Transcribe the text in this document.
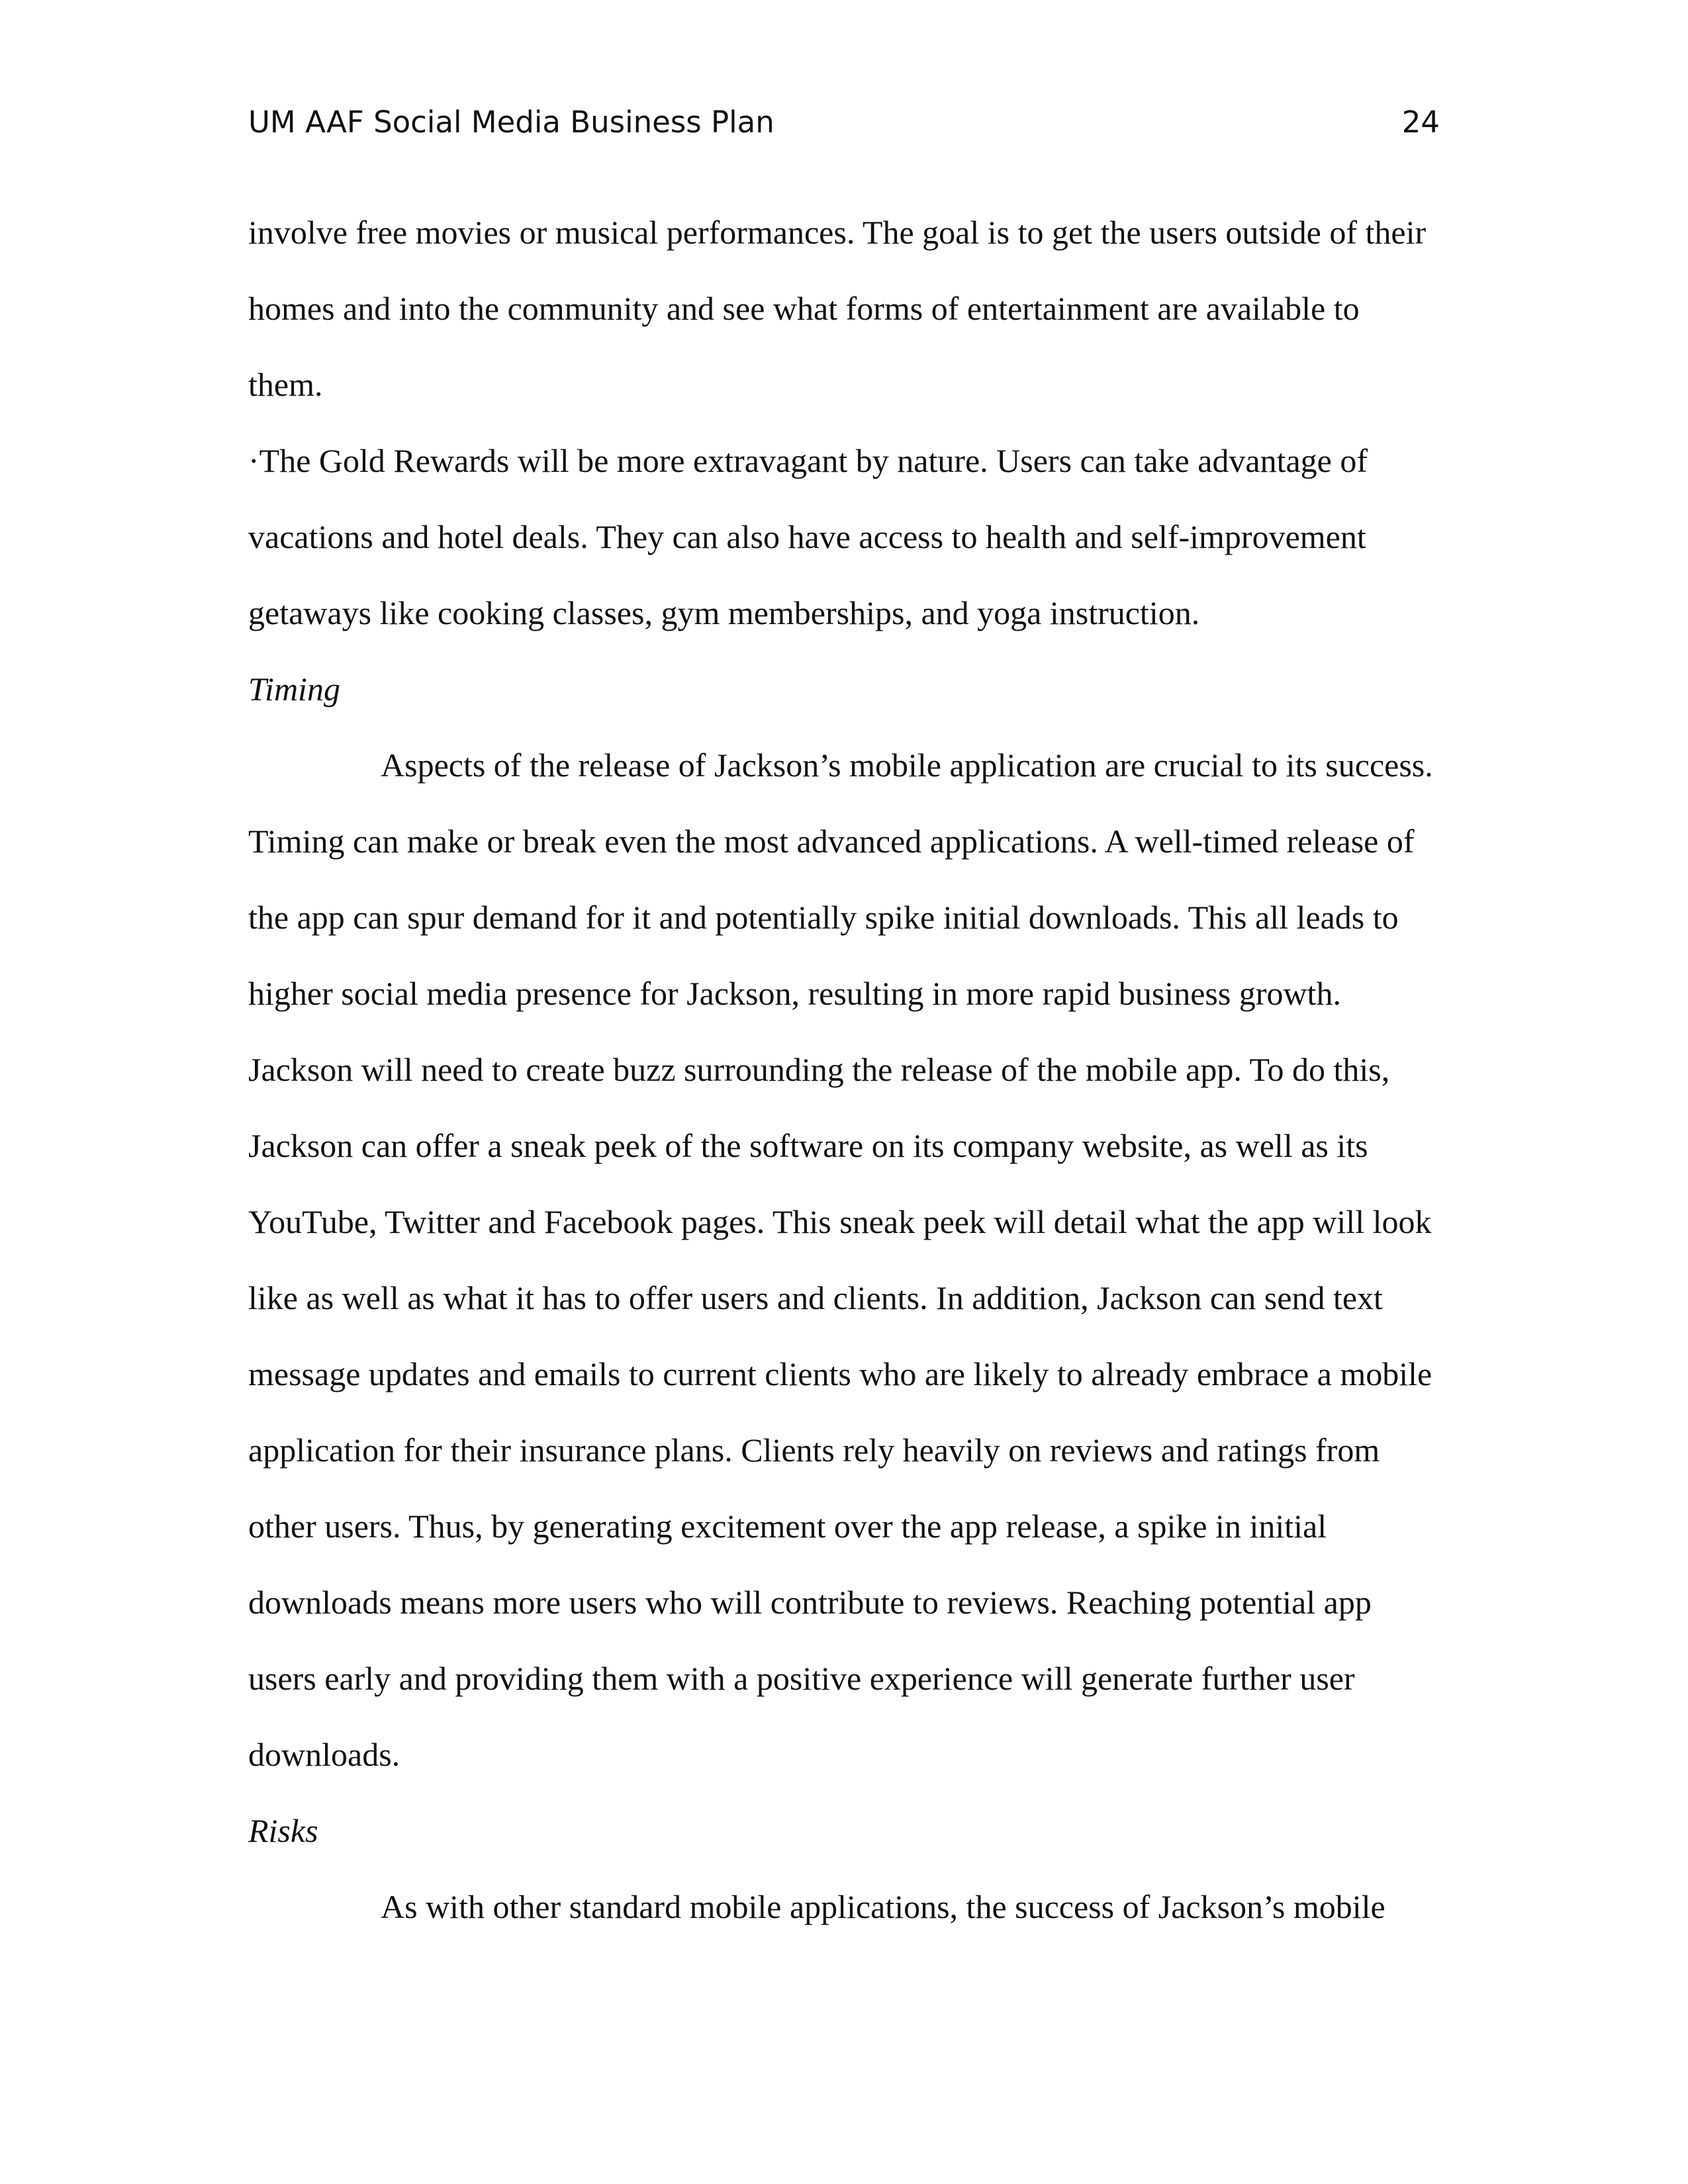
UM AAF Social Media Business Plan	24
involve free movies or musical performances. The goal is to get the users outside of their
homes and into the community and see what forms of entertainment are available to
them.
·The Gold Rewards will be more extravagant by nature. Users can take advantage of
vacations and hotel deals. They can also have access to health and self-improvement
getaways like cooking classes, gym memberships, and yoga instruction.
Timing
Aspects of the release of Jackson’s mobile application are crucial to its success.
Timing can make or break even the most advanced applications. A well-timed release of
the app can spur demand for it and potentially spike initial downloads. This all leads to
higher social media presence for Jackson, resulting in more rapid business growth.
Jackson will need to create buzz surrounding the release of the mobile app. To do this,
Jackson can offer a sneak peek of the software on its company website, as well as its
YouTube, Twitter and Facebook pages. This sneak peek will detail what the app will look
like as well as what it has to offer users and clients. In addition, Jackson can send text
message updates and emails to current clients who are likely to already embrace a mobile
application for their insurance plans. Clients rely heavily on reviews and ratings from
other users. Thus, by generating excitement over the app release, a spike in initial
downloads means more users who will contribute to reviews. Reaching potential app
users early and providing them with a positive experience will generate further user
downloads.
Risks
As with other standard mobile applications, the success of Jackson’s mobile
